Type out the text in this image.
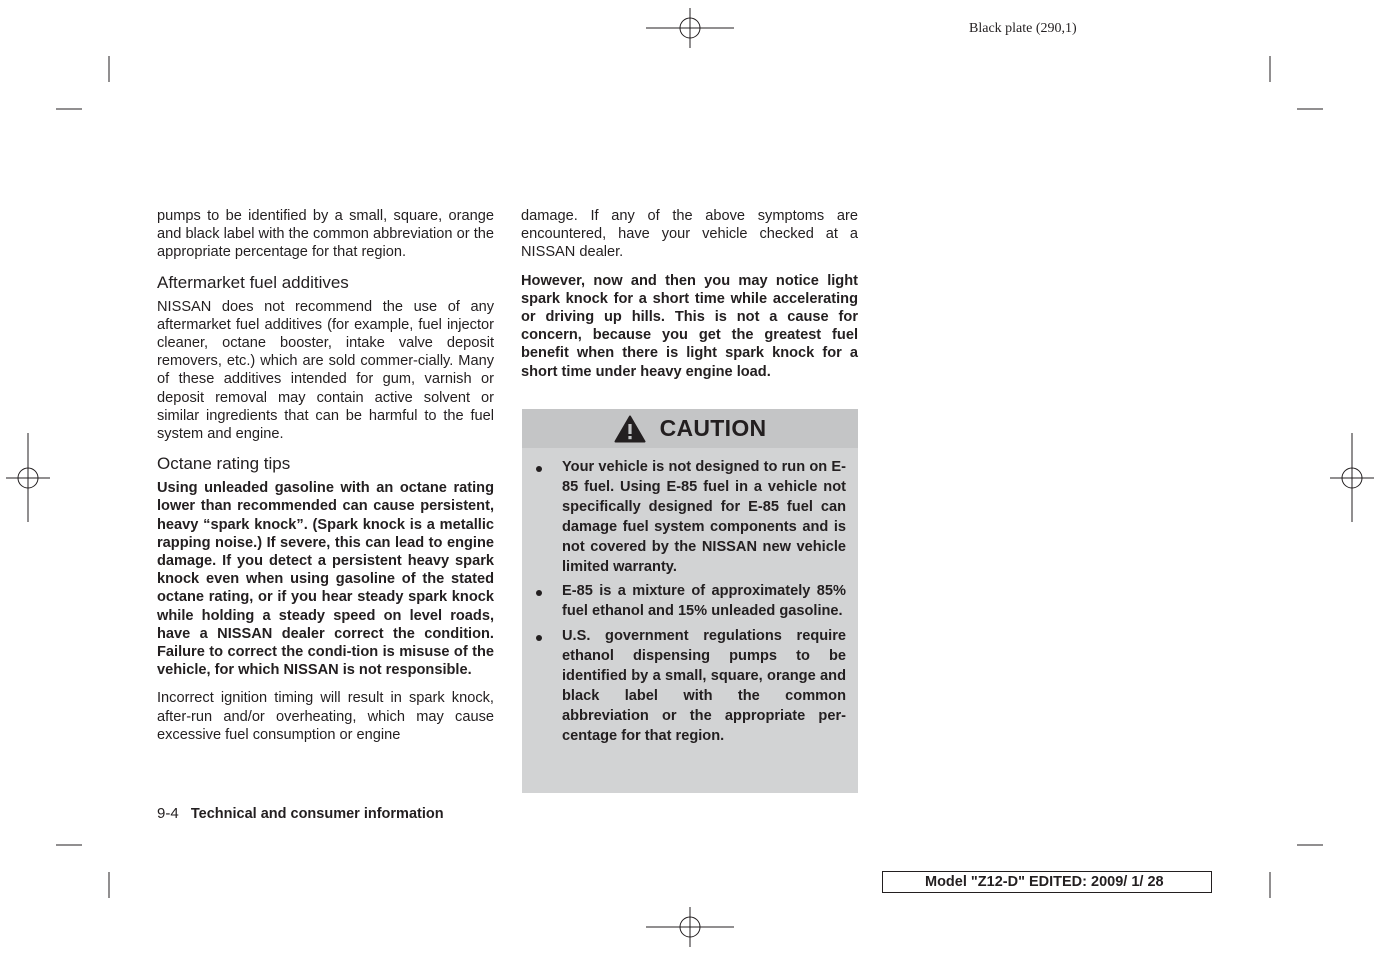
Black plate (290,1)

pumps to be identified by a small, square, orange and black label with the common abbreviation or the appropriate percentage for that region.

Aftermarket fuel additives

NISSAN does not recommend the use of any aftermarket fuel additives (for example, fuel injector cleaner, octane booster, intake valve deposit removers, etc.) which are sold commer-cially. Many of these additives intended for gum, varnish or deposit removal may contain active solvent or similar ingredients that can be harmful to the fuel system and engine.

Octane rating tips

Using unleaded gasoline with an octane rating lower than recommended can cause persistent, heavy “spark knock”. (Spark knock is a metallic rapping noise.) If severe, this can lead to engine damage. If you detect a persistent heavy spark knock even when using gasoline of the stated octane rating, or if you hear steady spark knock while holding a steady speed on level roads, have a NISSAN dealer correct the condition. Failure to correct the condi-tion is misuse of the vehicle, for which NISSAN is not responsible.

Incorrect ignition timing will result in spark knock, after-run and/or overheating, which may cause excessive fuel consumption or engine

damage. If any of the above symptoms are encountered, have your vehicle checked at a NISSAN dealer.

However, now and then you may notice light spark knock for a short time while accelerating or driving up hills. This is not a cause for concern, because you get the greatest fuel benefit when there is light spark knock for a short time under heavy engine load.

CAUTION
Your vehicle is not designed to run on E-85 fuel. Using E-85 fuel in a vehicle not specifically designed for E-85 fuel can damage fuel system components and is not covered by the NISSAN new vehicle limited warranty.
E-85 is a mixture of approximately 85% fuel ethanol and 15% unleaded gasoline.
U.S. government regulations require ethanol dispensing pumps to be identified by a small, square, orange and black label with the common abbreviation or the appropriate per-centage for that region.
9-4 Technical and consumer information
Model "Z12-D" EDITED: 2009/ 1/ 28
